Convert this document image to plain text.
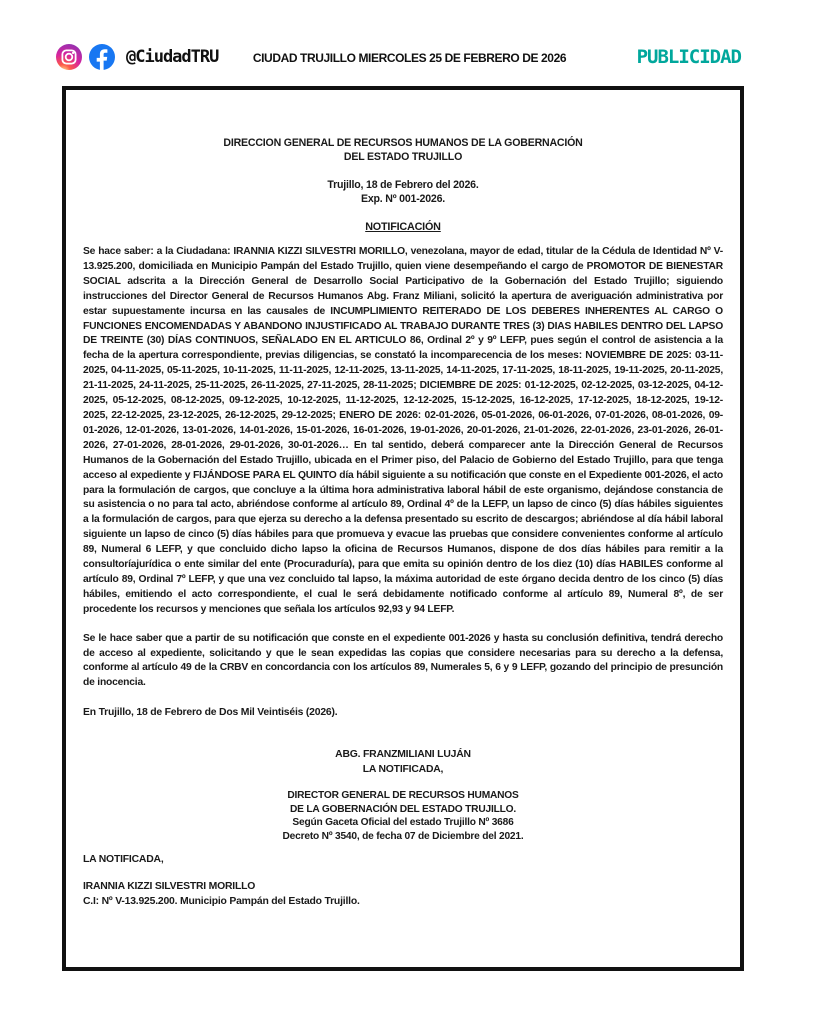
@CiudadTRU	CIUDAD TRUJILLO MIERCOLES 25 DE FEBRERO DE 2026	PUBLICIDAD
DIRECCION GENERAL DE RECURSOS HUMANOS DE LA GOBERNACIÓN
DEL ESTADO TRUJILLO
Trujillo, 18 de Febrero del 2026.
Exp. Nº 001-2026.
NOTIFICACIÓN

Se hace saber: a la Ciudadana: IRANNIA KIZZI SILVESTRI MORILLO, venezolana, mayor de edad, titular de la Cédula de Identidad Nº V-13.925.200, domiciliada en Municipio Pampán del Estado Trujillo, quien viene desempeñando el cargo de PROMOTOR DE BIENESTAR SOCIAL adscrita a la Dirección General de Desarrollo Social Participativo de la Gobernación del Estado Trujillo; siguiendo instrucciones del Director General de Recursos Humanos Abg. Franz Miliani, solicitó la apertura de averiguación administrativa por estar supuestamente incursa en las causales de INCUMPLIMIENTO REITERADO DE LOS DEBERES INHERENTES AL CARGO O FUNCIONES ENCOMENDADAS Y ABANDONO INJUSTIFICADO AL TRABAJO DURANTE TRES (3) DIAS HABILES DENTRO DEL LAPSO DE TREINTE (30) DÍAS CONTINUOS, SEÑALADO EN EL ARTICULO 86, Ordinal 2º y 9º LEFP, pues según el control de asistencia a la fecha de la apertura correspondiente, previas diligencias, se constató la incomparecencia de los meses: NOVIEMBRE DE 2025: 03-11-2025, 04-11-2025, 05-11-2025, 10-11-2025, 11-11-2025, 12-11-2025, 13-11-2025, 14-11-2025, 17-11-2025, 18-11-2025, 19-11-2025, 20-11-2025, 21-11-2025, 24-11-2025, 25-11-2025, 26-11-2025, 27-11-2025, 28-11-2025; DICIEMBRE DE 2025: 01-12-2025, 02-12-2025, 03-12-2025, 04-12-2025, 05-12-2025, 08-12-2025, 09-12-2025, 10-12-2025, 11-12-2025, 12-12-2025, 15-12-2025, 16-12-2025, 17-12-2025, 18-12-2025, 19-12-2025, 22-12-2025, 23-12-2025, 26-12-2025, 29-12-2025; ENERO DE 2026: 02-01-2026, 05-01-2026, 06-01-2026, 07-01-2026, 08-01-2026, 09-01-2026, 12-01-2026, 13-01-2026, 14-01-2026, 15-01-2026, 16-01-2026, 19-01-2026, 20-01-2026, 21-01-2026, 22-01-2026, 23-01-2026, 26-01-2026, 27-01-2026, 28-01-2026, 29-01-2026, 30-01-2026… En tal sentido, deberá comparecer ante la Dirección General de Recursos Humanos de la Gobernación del Estado Trujillo, ubicada en el Primer piso, del Palacio de Gobierno del Estado Trujillo, para que tenga acceso al expediente y FIJÁNDOSE PARA EL QUINTO día hábil siguiente a su notificación que conste en el Expediente 001-2026, el acto para la formulación de cargos, que concluye a la última hora administrativa laboral hábil de este organismo, dejándose constancia de su asistencia o no para tal acto, abriéndose conforme al artículo 89, Ordinal 4º de la LEFP, un lapso de cinco (5) días hábiles siguientes a la formulación de cargos, para que ejerza su derecho a la defensa presentado su escrito de descargos; abriéndose al día hábil laboral siguiente un lapso de cinco (5) días hábiles para que promueva y evacue las pruebas que considere convenientes conforme al artículo 89, Numeral 6 LEFP, y que concluido dicho lapso la oficina de Recursos Humanos, dispone de dos días hábiles para remitir a la consultoríajurídica o ente similar del ente (Procuraduría), para que emita su opinión dentro de los diez (10) días HABILES conforme al artículo 89, Ordinal 7º LEFP, y que una vez concluido tal lapso, la máxima autoridad de este órgano decida dentro de los cinco (5) días hábiles, emitiendo el acto correspondiente, el cual le será debidamente notificado conforme al artículo 89, Numeral 8º, de ser procedente los recursos y menciones que señala los artículos 92,93 y 94 LEFP.

Se le hace saber que a partir de su notificación que conste en el expediente 001-2026 y hasta su conclusión definitiva, tendrá derecho de acceso al expediente, solicitando y que le sean expedidas las copias que considere necesarias para su derecho a la defensa, conforme al artículo 49 de la CRBV en concordancia con los artículos 89, Numerales 5, 6 y 9 LEFP, gozando del principio de presunción de inocencia.

En Trujillo, 18 de Febrero de Dos Mil Veintiséis (2026).

ABG. FRANZMILIANI LUJÁN
LA NOTIFICADA,
DIRECTOR GENERAL DE RECURSOS HUMANOS
DE LA GOBERNACIÓN DEL ESTADO TRUJILLO.
Según Gaceta Oficial del estado Trujillo Nº 3686
Decreto Nº 3540, de fecha 07 de Diciembre del 2021.

LA NOTIFICADA,

IRANNIA KIZZI SILVESTRI MORILLO
C.I: Nº V-13.925.200. Municipio Pampán del Estado Trujillo.
